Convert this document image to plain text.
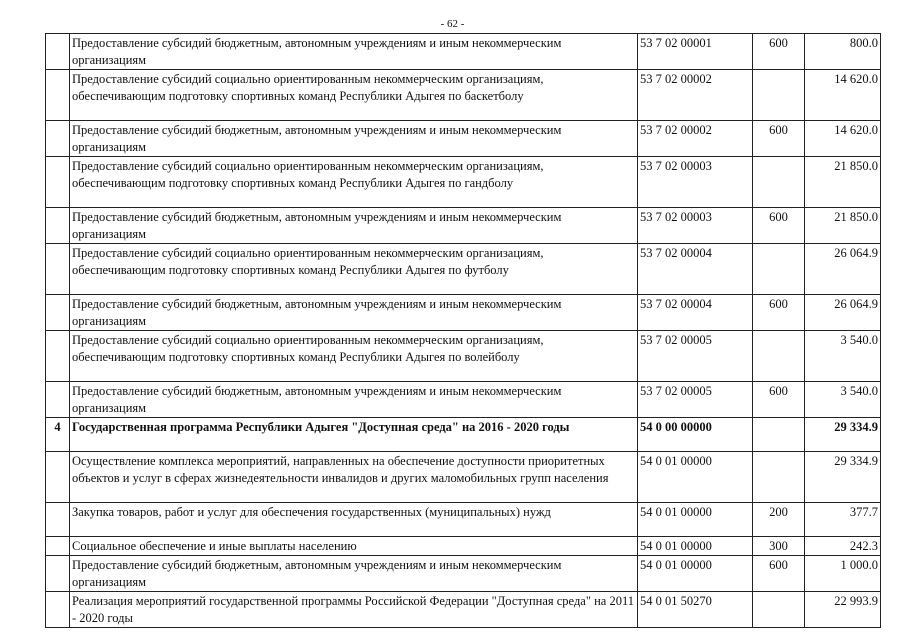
- 62 -
	Предоставление субсидий бюджетным, автономным учреждениям и иным некоммерческим организациям	53 7 02 00001	600	800.0
	Предоставление субсидий социально ориентированным некоммерческим организациям, обеспечивающим подготовку спортивных команд Республики Адыгея по баскетболу	53 7 02 00002		14 620.0
	Предоставление субсидий бюджетным, автономным учреждениям и иным некоммерческим организациям	53 7 02 00002	600	14 620.0
	Предоставление субсидий социально ориентированным некоммерческим организациям, обеспечивающим подготовку спортивных команд Республики Адыгея по гандболу	53 7 02 00003		21 850.0
	Предоставление субсидий бюджетным, автономным учреждениям и иным некоммерческим организациям	53 7 02 00003	600	21 850.0
	Предоставление субсидий социально ориентированным некоммерческим организациям, обеспечивающим подготовку спортивных команд Республики Адыгея по футболу	53 7 02 00004		26 064.9
	Предоставление субсидий бюджетным, автономным учреждениям и иным некоммерческим организациям	53 7 02 00004	600	26 064.9
	Предоставление субсидий социально ориентированным некоммерческим организациям, обеспечивающим подготовку спортивных команд Республики Адыгея по волейболу	53 7 02 00005		3 540.0
	Предоставление субсидий бюджетным, автономным учреждениям и иным некоммерческим организациям	53 7 02 00005	600	3 540.0
4	Государственная программа Республики Адыгея "Доступная среда" на 2016 - 2020 годы	54 0 00 00000		29 334.9
	Осуществление комплекса мероприятий, направленных на обеспечение доступности приоритетных объектов и услуг в сферах жизнедеятельности инвалидов и других маломобильных групп населения	54 0 01 00000		29 334.9
	Закупка товаров, работ и услуг для обеспечения государственных (муниципальных) нужд	54 0 01 00000	200	377.7
	Социальное обеспечение и иные выплаты населению	54 0 01 00000	300	242.3
	Предоставление субсидий бюджетным, автономным учреждениям и иным некоммерческим организациям	54 0 01 00000	600	1 000.0
	Реализация мероприятий государственной программы Российской Федерации "Доступная среда" на 2011 - 2020 годы	54 0 01 50270		22 993.9
